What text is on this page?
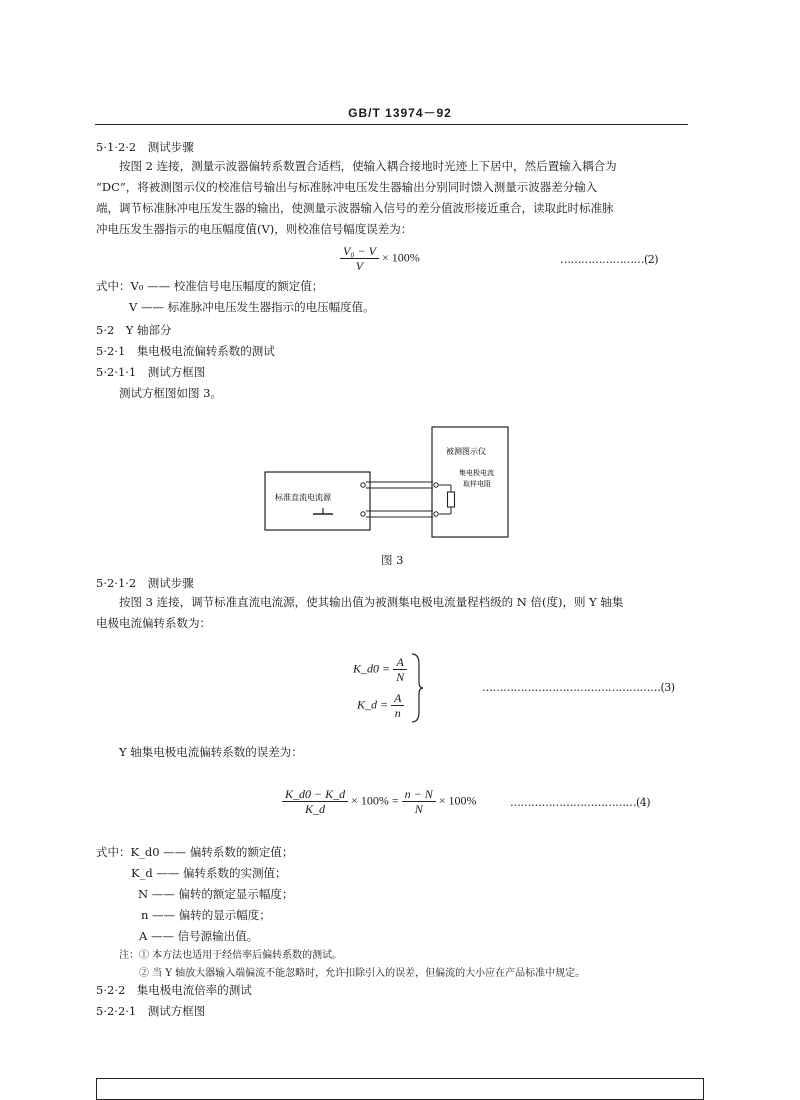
GB/T 13974－92
5·1·2·2　测试步骤
按图 2 连接，测量示波器偏转系数置合适档，使输入耦合接地时光迹上下居中，然后置输入耦合为
“DC”，将被测图示仪的校准信号输出与标准脉冲电压发生器输出分别同时馈入测量示波器差分输入
端，调节标准脉冲电压发生器的输出，使测量示波器输入信号的差分值波形接近重合，读取此时标准脉
冲电压发生器指示的电压幅度值(V)，则校准信号幅度误差为：
$\frac{\text{V₀ − V}}{V} \times 100\%$	……………………(2)
式中：V₀ —— 校准信号电压幅度的额定值；
V —— 标准脉冲电压发生器指示的电压幅度值。
5·2　Y 轴部分
5·2·1　集电极电流偏转系数的测试
5·2·1·1　测试方框图
测试方框图如图 3。
标准直流电流源
被测图示仪
集电极电流
取样电阻
图 3
5·2·1·2　测试步骤
按图 3 连接，调节标准直流电流源，使其输出值为被测集电极电流量程档级的 N 倍(度)，则 Y 轴集
电极电流偏转系数为：
K_d0 = $\frac{A}{N}$
K_d = $\frac{A}{n}$
……………………………………………(3)
Y 轴集电极电流偏转系数的误差为：
$\frac{K\_d0 - K\_d}{K\_d} \times 100\% = \frac{n - N}{N} \times 100\%$	………………………………(4)
式中：K_d0 —— 偏转系数的额定值；
K_d —— 偏转系数的实测值；
N —— 偏转的额定显示幅度；
n —— 偏转的显示幅度；
A —— 信号源输出值。
注：① 本方法也适用于经倍率后偏转系数的测试。
② 当 Y 轴放大器输入端偏流不能忽略时，允许扣除引入的误差，但偏流的大小应在产品标准中规定。
5·2·2　集电极电流倍率的测试
5·2·2·1　测试方框图
